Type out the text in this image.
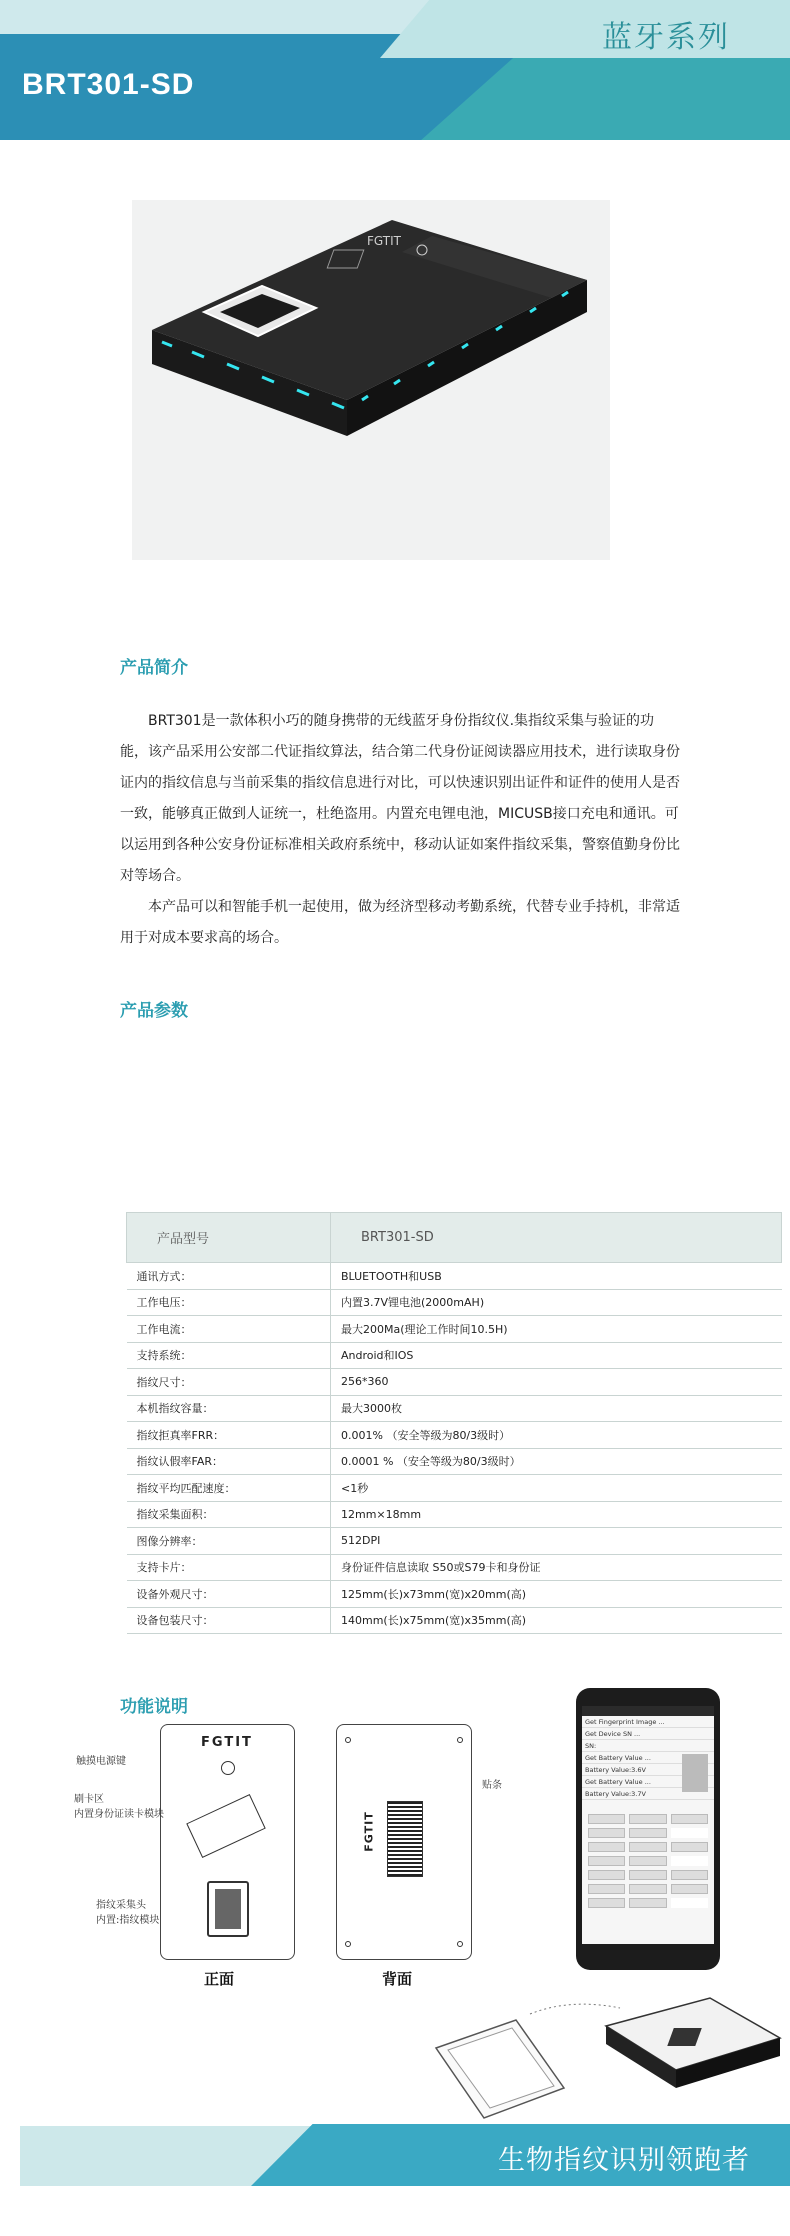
蓝牙系列
BRT301-SD
FGTIT
产品简介

BRT301是一款体积小巧的随身携带的无线蓝牙身份指纹仪.集指纹采集与验证的功能，该产品采用公安部二代证指纹算法，结合第二代身份证阅读器应用技术，进行读取身份证内的指纹信息与当前采集的指纹信息进行对比，可以快速识别出证件和证件的使用人是否一致，能够真正做到人证统一，杜绝盗用。内置充电锂电池，MICUSB接口充电和通讯。可以运用到各种公安身份证标准相关政府系统中，移动认证如案件指纹采集，警察值勤身份比对等场合。

本产品可以和智能手机一起使用，做为经济型移动考勤系统，代替专业手持机，非常适用于对成本要求高的场合。

产品参数
产品型号	BRT301-SD
通讯方式：	BLUETOOTH和USB
工作电压：	内置3.7V锂电池(2000mAH)
工作电流：	最大200Ma(理论工作时间10.5H)
支持系统：	Android和IOS
指纹尺寸：	256*360
本机指纹容量：	最大3000枚
指纹拒真率FRR：	0.001% （安全等级为80/3级时）
指纹认假率FAR：	0.0001 % （安全等级为80/3级时）
指纹平均匹配速度：	<1秒
指纹采集面积：	12mm×18mm
图像分辨率：	512DPI
支持卡片：	身份证件信息读取 S50或S79卡和身份证
设备外观尺寸：	125mm(长)x73mm(宽)x20mm(高)
设备包装尺寸：	140mm(长)x75mm(宽)x35mm(高)
功能说明
FGTIT
触摸电源键
刷卡区
内置身份证读卡模块
指纹采集头
内置:指纹模块
正面
FGTIT
贴条
背面
Get Fingerprint Image ...
Get Device SN ...
SN:
Get Battery Value ...
Battery Value:3.6V
Get Battery Value ...
Battery Value:3.7V
生物指纹识别领跑者
